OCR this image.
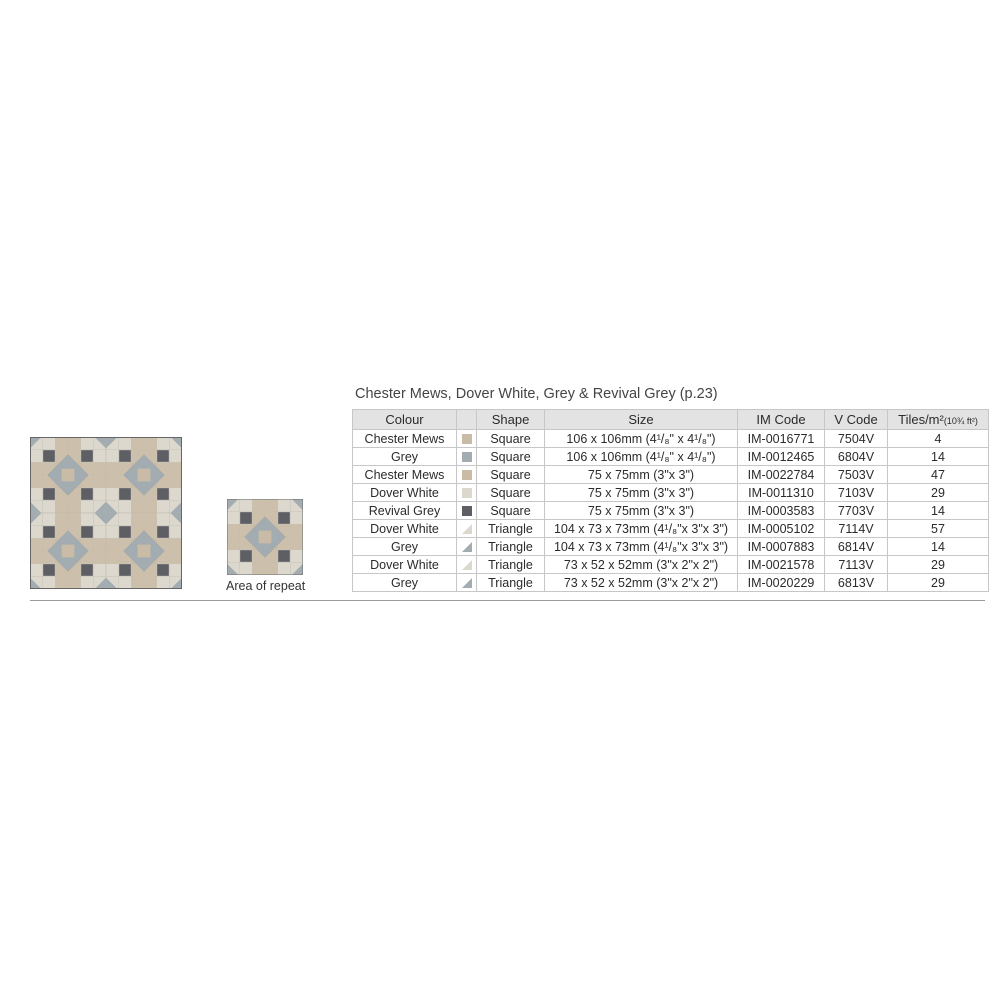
Area of repeat
Chester Mews, Dover White, Grey & Revival Grey (p.23)
Colour		Shape	Size	IM Code	V Code	Tiles/m²(10¾ ft²)
Chester Mews		Square	106 x 106mm (4¹/₈" x 4¹/₈")	IM-0016771	7504V	4
Grey		Square	106 x 106mm (4¹/₈" x 4¹/₈")	IM-0012465	6804V	14
Chester Mews		Square	75 x 75mm (3"x 3")	IM-0022784	7503V	47
Dover White		Square	75 x 75mm (3"x 3")	IM-0011310	7103V	29
Revival Grey		Square	75 x 75mm (3"x 3")	IM-0003583	7703V	14
Dover White		Triangle	104 x 73 x 73mm (4¹/₈"x 3"x 3")	IM-0005102	7114V	57
Grey		Triangle	104 x 73 x 73mm (4¹/₈"x 3"x 3")	IM-0007883	6814V	14
Dover White		Triangle	73 x 52 x 52mm (3"x 2"x 2")	IM-0021578	7113V	29
Grey		Triangle	73 x 52 x 52mm (3"x 2"x 2")	IM-0020229	6813V	29
